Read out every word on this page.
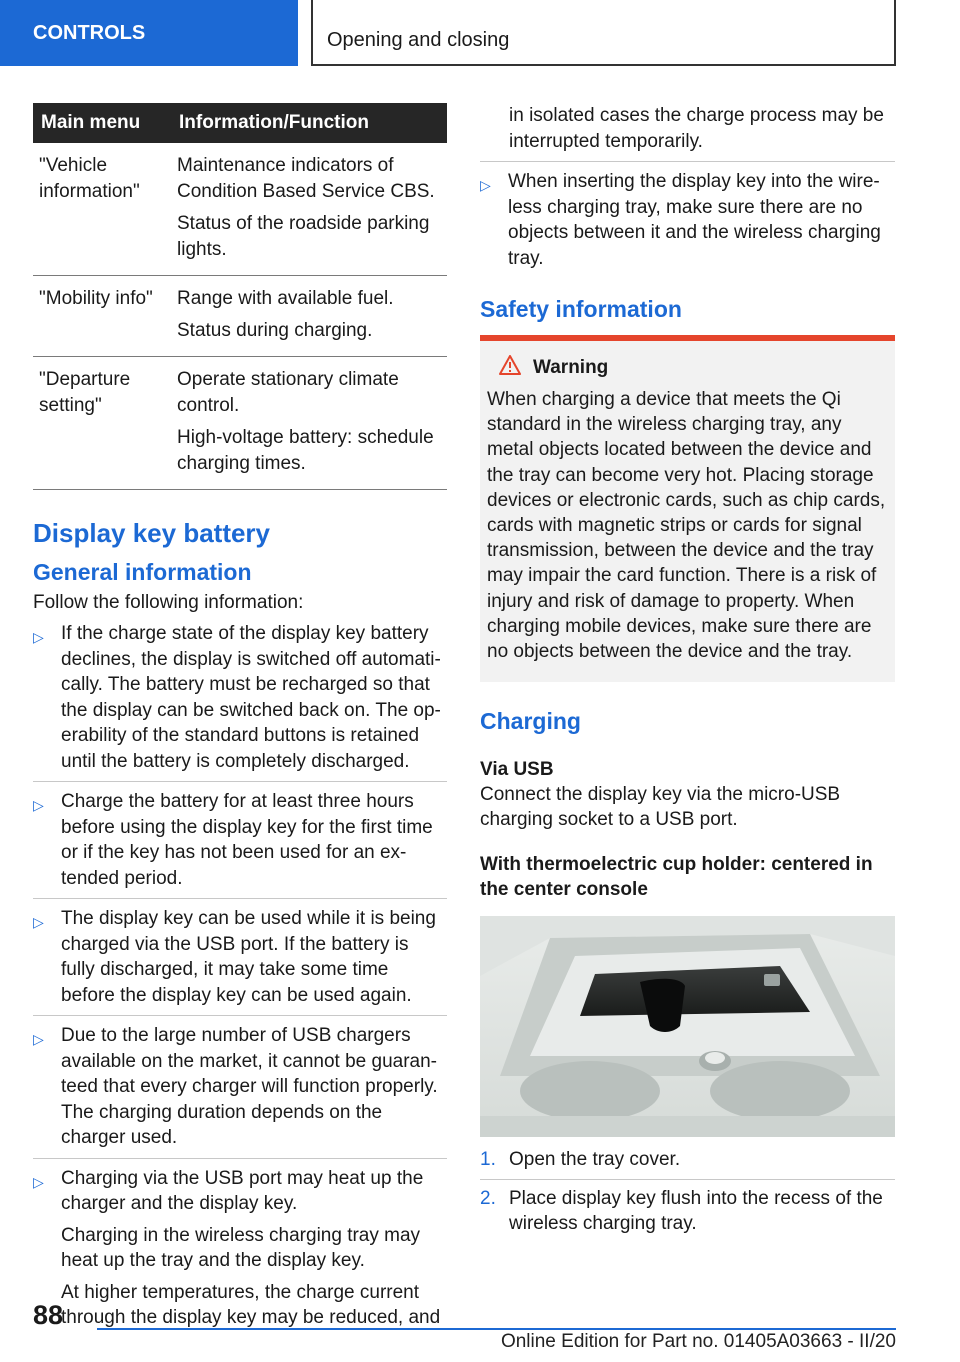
CONTROLS	Opening and closing
Main menu	Information/Function
"Vehicle information"	Maintenance indicators of Condition Based Service CBS.

Status of the roadside parking lights.

"Mobility info"	Range with available fuel.

Status during charging.

"Departure setting"	Operate stationary climate control.

High-voltage battery: schedule charging times.

Display key battery
General information

Follow the following information:

▷ If the charge state of the display key battery declines, the display is switched off automati‐cally. The battery must be recharged so that the display can be switched back on. The op‐erability of the standard buttons is retained until the battery is completely discharged.

▷ Charge the battery for at least three hours before using the display key for the first time or if the key has not been used for an ex‐tended period.

▷ The display key can be used while it is being charged via the USB port. If the battery is fully discharged, it may take some time before the display key can be used again.

▷ Due to the large number of USB chargers available on the market, it cannot be guaran‐teed that every charger will function properly. The charging duration depends on the charger used.

▷ Charging via the USB port may heat up the charger and the display key.

Charging in the wireless charging tray may heat up the tray and the display key.

At higher temperatures, the charge current through the display key may be reduced, and

in isolated cases the charge process may be interrupted temporarily.

▷ When inserting the display key into the wire‐less charging tray, make sure there are no objects between it and the wireless charging tray.

Safety information
Warning
When charging a device that meets the Qi standard in the wireless charging tray, any metal objects located between the device and the tray can become very hot. Placing storage devices or electronic cards, such as chip cards, cards with magnetic strips or cards for signal transmission, between the device and the tray may impair the card function. There is a risk of injury and risk of damage to property. When charging mobile devices, make sure there are no objects between the device and the tray.
Charging

Via USB

Connect the display key via the micro-USB charging socket to a USB port.

With thermoelectric cup holder: centered in the center console

1. Open the tray cover.
2. Place display key flush into the recess of the wireless charging tray.
88
Online Edition for Part no. 01405A03663 - II/20
